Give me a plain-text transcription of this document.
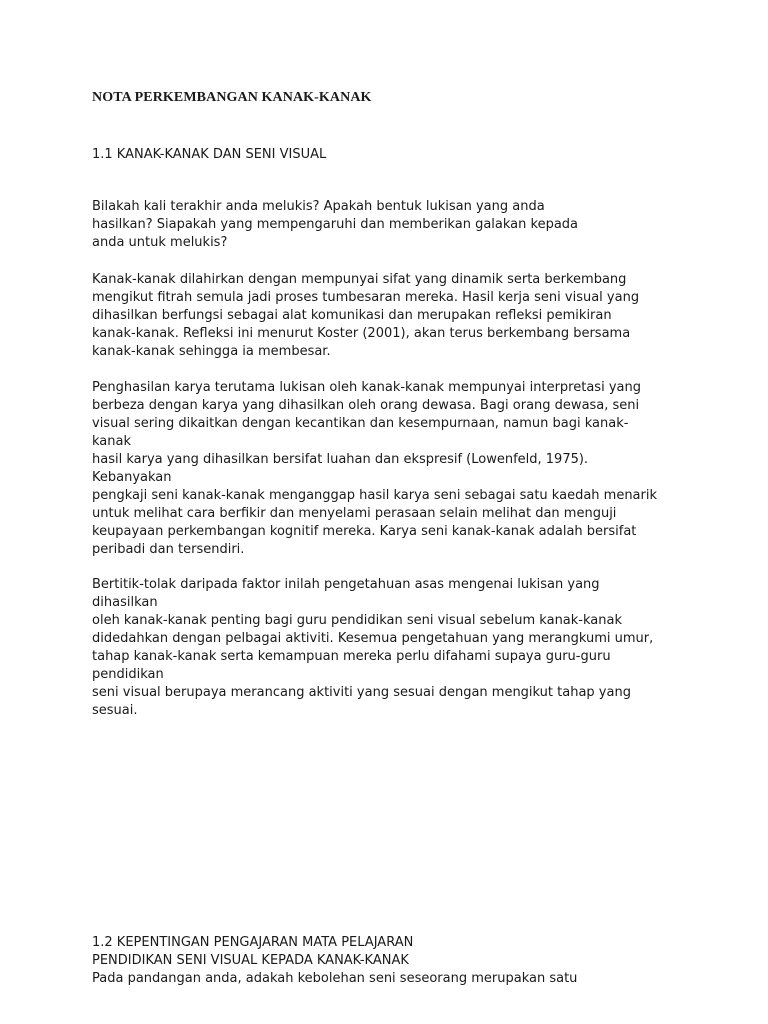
NOTA PERKEMBANGAN KANAK-KANAK
1.1 KANAK-KANAK DAN SENI VISUAL

Bilakah kali terakhir anda melukis? Apakah bentuk lukisan yang anda
hasilkan? Siapakah yang mempengaruhi dan memberikan galakan kepada
anda untuk melukis?

Kanak-kanak dilahirkan dengan mempunyai sifat yang dinamik serta berkembang
mengikut fitrah semula jadi proses tumbesaran mereka. Hasil kerja seni visual yang
dihasilkan berfungsi sebagai alat komunikasi dan merupakan refleksi pemikiran
kanak-kanak. Refleksi ini menurut Koster (2001), akan terus berkembang bersama
kanak-kanak sehingga ia membesar.

Penghasilan karya terutama lukisan oleh kanak-kanak mempunyai interpretasi yang
berbeza dengan karya yang dihasilkan oleh orang dewasa. Bagi orang dewasa, seni
visual sering dikaitkan dengan kecantikan dan kesempurnaan, namun bagi kanak-
kanak
hasil karya yang dihasilkan bersifat luahan dan ekspresif (Lowenfeld, 1975).
Kebanyakan
pengkaji seni kanak-kanak menganggap hasil karya seni sebagai satu kaedah menarik
untuk melihat cara berfikir dan menyelami perasaan selain melihat dan menguji
keupayaan perkembangan kognitif mereka. Karya seni kanak-kanak adalah bersifat
peribadi dan tersendiri.

Bertitik-tolak daripada faktor inilah pengetahuan asas mengenai lukisan yang
dihasilkan
oleh kanak-kanak penting bagi guru pendidikan seni visual sebelum kanak-kanak
didedahkan dengan pelbagai aktiviti. Kesemua pengetahuan yang merangkumi umur,
tahap kanak-kanak serta kemampuan mereka perlu difahami supaya guru-guru
pendidikan
seni visual berupaya merancang aktiviti yang sesuai dengan mengikut tahap yang
sesuai.

1.2 KEPENTINGAN PENGAJARAN MATA PELAJARAN
PENDIDIKAN SENI VISUAL KEPADA KANAK-KANAK

Pada pandangan anda, adakah kebolehan seni seseorang merupakan satu
